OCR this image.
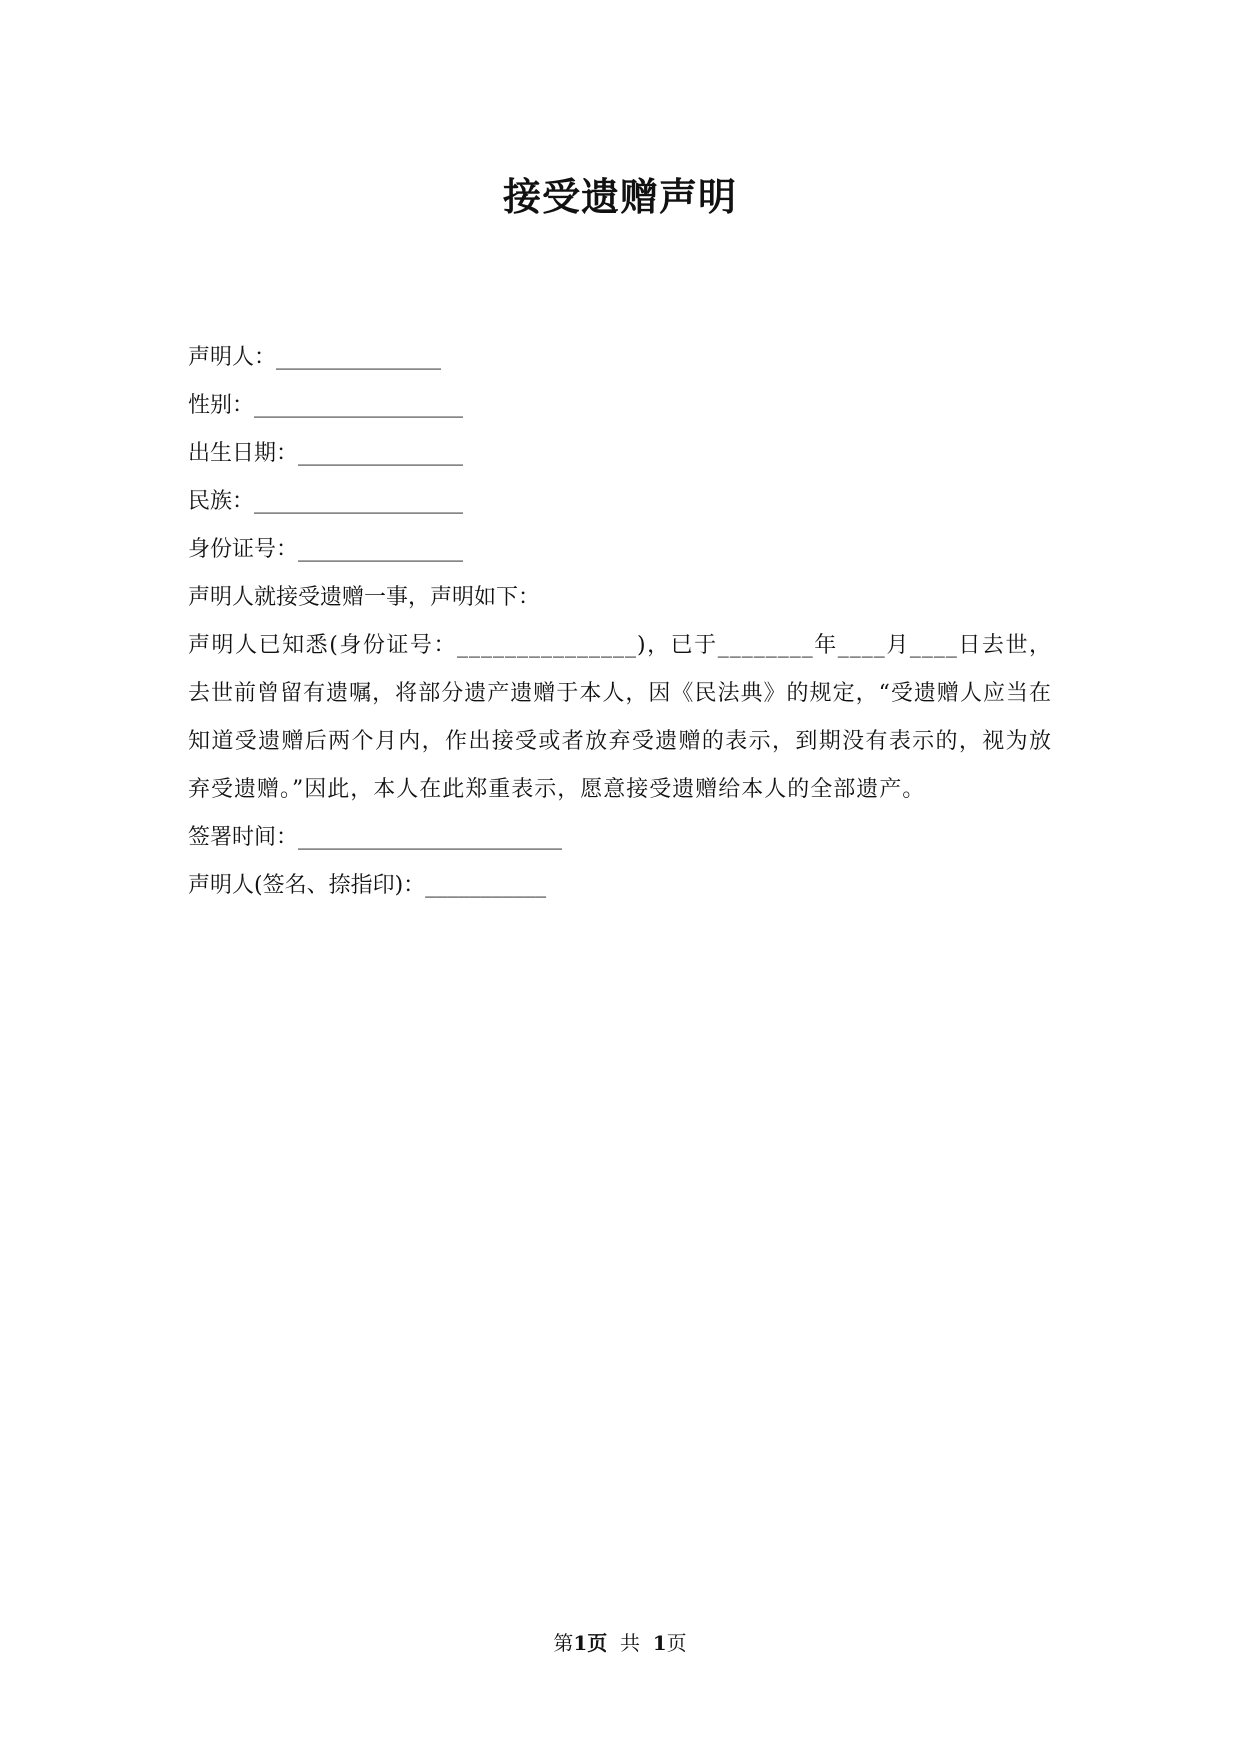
接受遗赠声明

声明人：_______________

性别：___________________

出生日期：_______________

民族：___________________

身份证号：_______________

声明人就接受遗赠一事，声明如下：

声明人已知悉(身份证号：_______________)，已于________年____月____日去世，去世前曾留有遗嘱，将部分遗产遗赠于本人，因《民法典》的规定，“受遗赠人应当在知道受遗赠后两个月内，作出接受或者放弃受遗赠的表示，到期没有表示的，视为放弃受遗赠。”因此，本人在此郑重表示，愿意接受遗赠给本人的全部遗产。

签署时间：________________________

声明人(签名、捺指印)：___________

第1页 共 1页
